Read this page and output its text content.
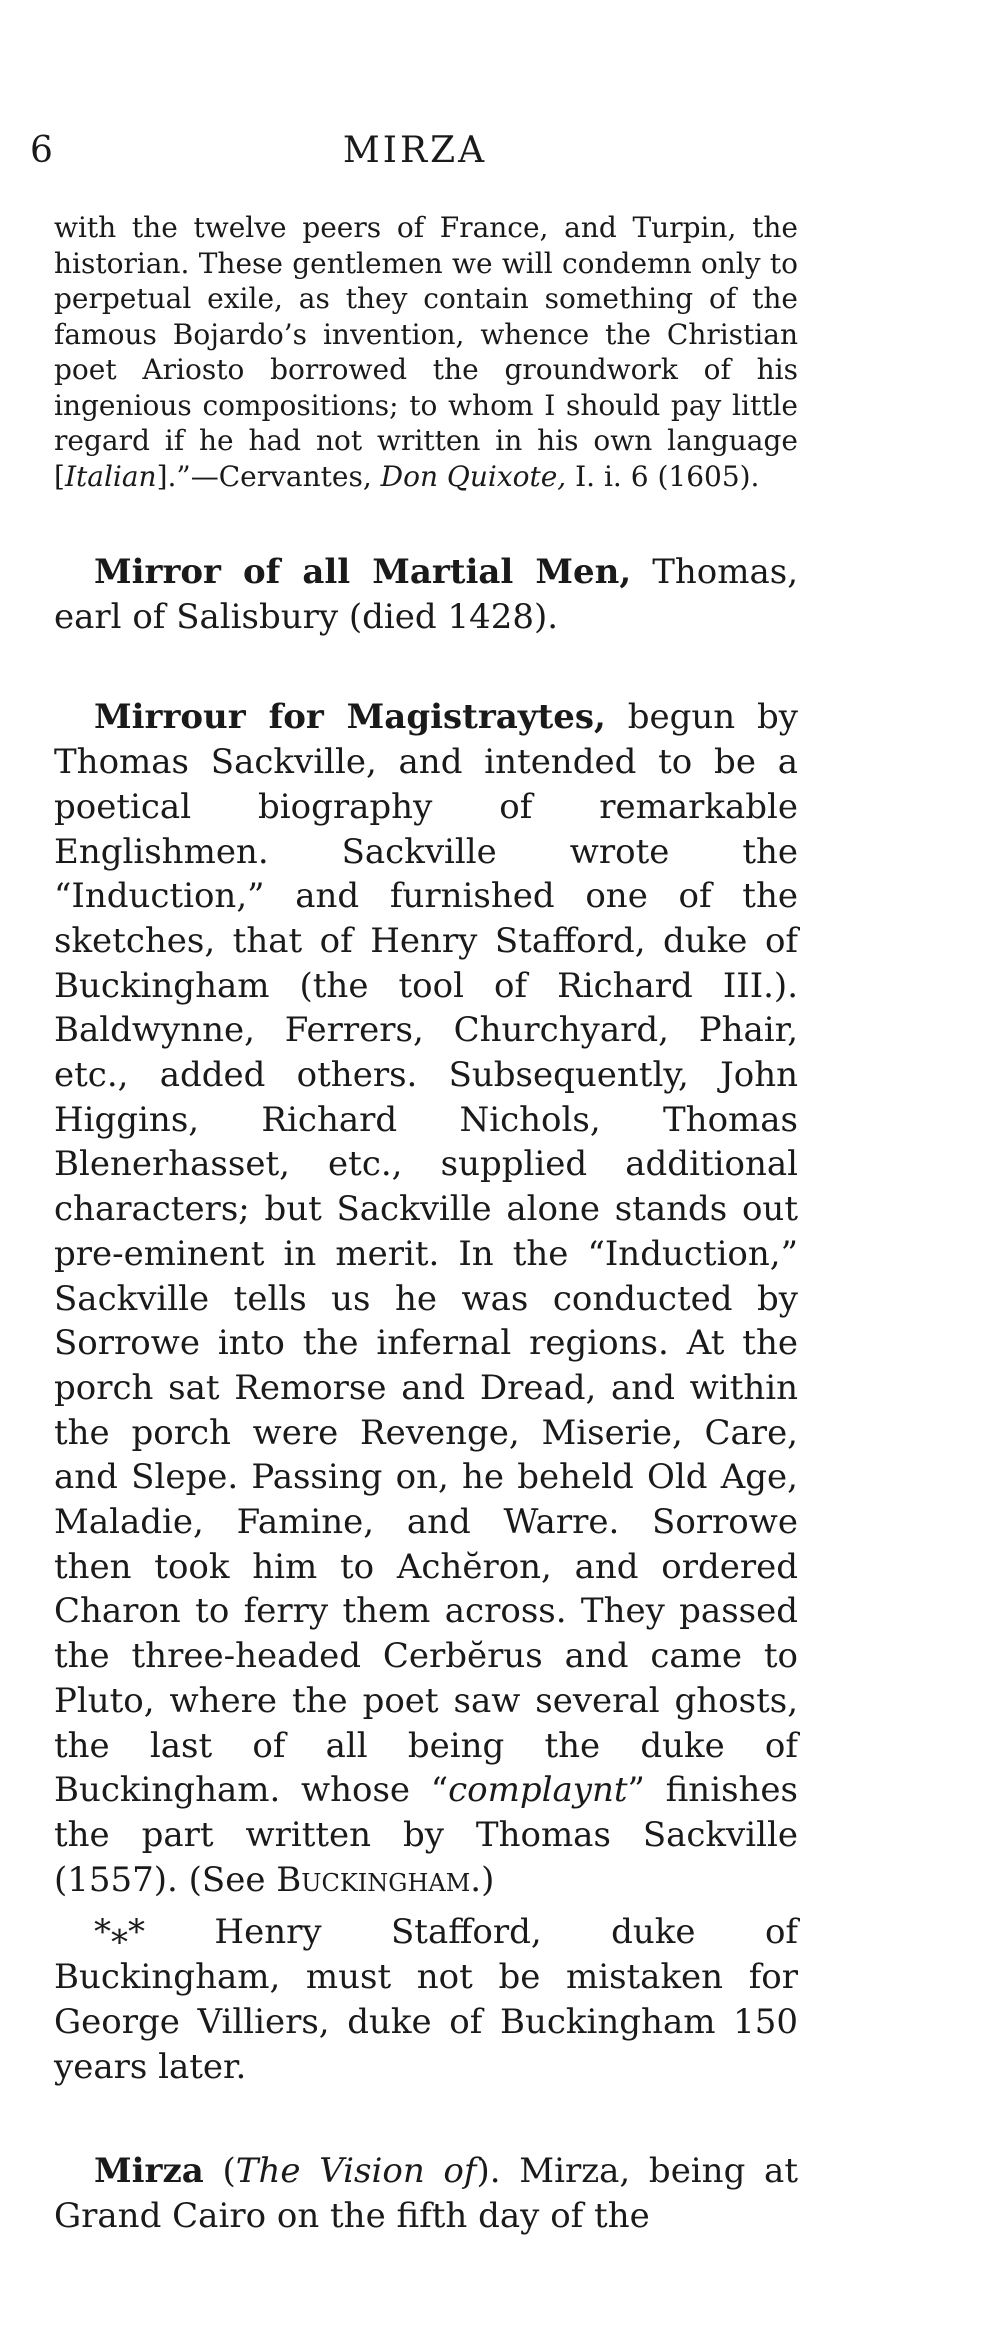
6	MIRZA

with the twelve peers of France, and Turpin, the historian. These gentlemen we will condemn only to perpetual exile, as they contain something of the famous Bojardo’s invention, whence the Christian poet Ariosto borrowed the groundwork of his ingenious compositions; to whom I should pay little regard if he had not written in his own language [Italian].”—Cervantes, Don Quixote, I. i. 6 (1605).

Mirror of all Martial Men, Thomas, earl of Salisbury (died 1428).

Mirrour for Magistraytes, begun by Thomas Sackville, and intended to be a poetical biography of remarkable Englishmen. Sackville wrote the “Induction,” and furnished one of the sketches, that of Henry Stafford, duke of Buckingham (the tool of Richard III.). Baldwynne, Ferrers, Churchyard, Phair, etc., added others. Subsequently, John Higgins, Richard Nichols, Thomas Blenerhasset, etc., supplied additional characters; but Sackville alone stands out pre-eminent in merit. In the “Induction,” Sackville tells us he was conducted by Sorrowe into the infernal regions. At the porch sat Remorse and Dread, and within the porch were Revenge, Miserie, Care, and Slepe. Passing on, he beheld Old Age, Maladie, Famine, and Warre. Sorrowe then took him to Achĕron, and ordered Charon to ferry them across. They passed the three-headed Cerbĕrus and came to Pluto, where the poet saw several ghosts, the last of all being the duke of Buckingham. whose “complaynt” finishes the part written by Thomas Sackville (1557). (See Buckingham.)

*⁎* Henry Stafford, duke of Buckingham, must not be mistaken for George Villiers, duke of Buckingham 150 years later.

Mirza (The Vision of). Mirza, being at Grand Cairo on the fifth day of the
